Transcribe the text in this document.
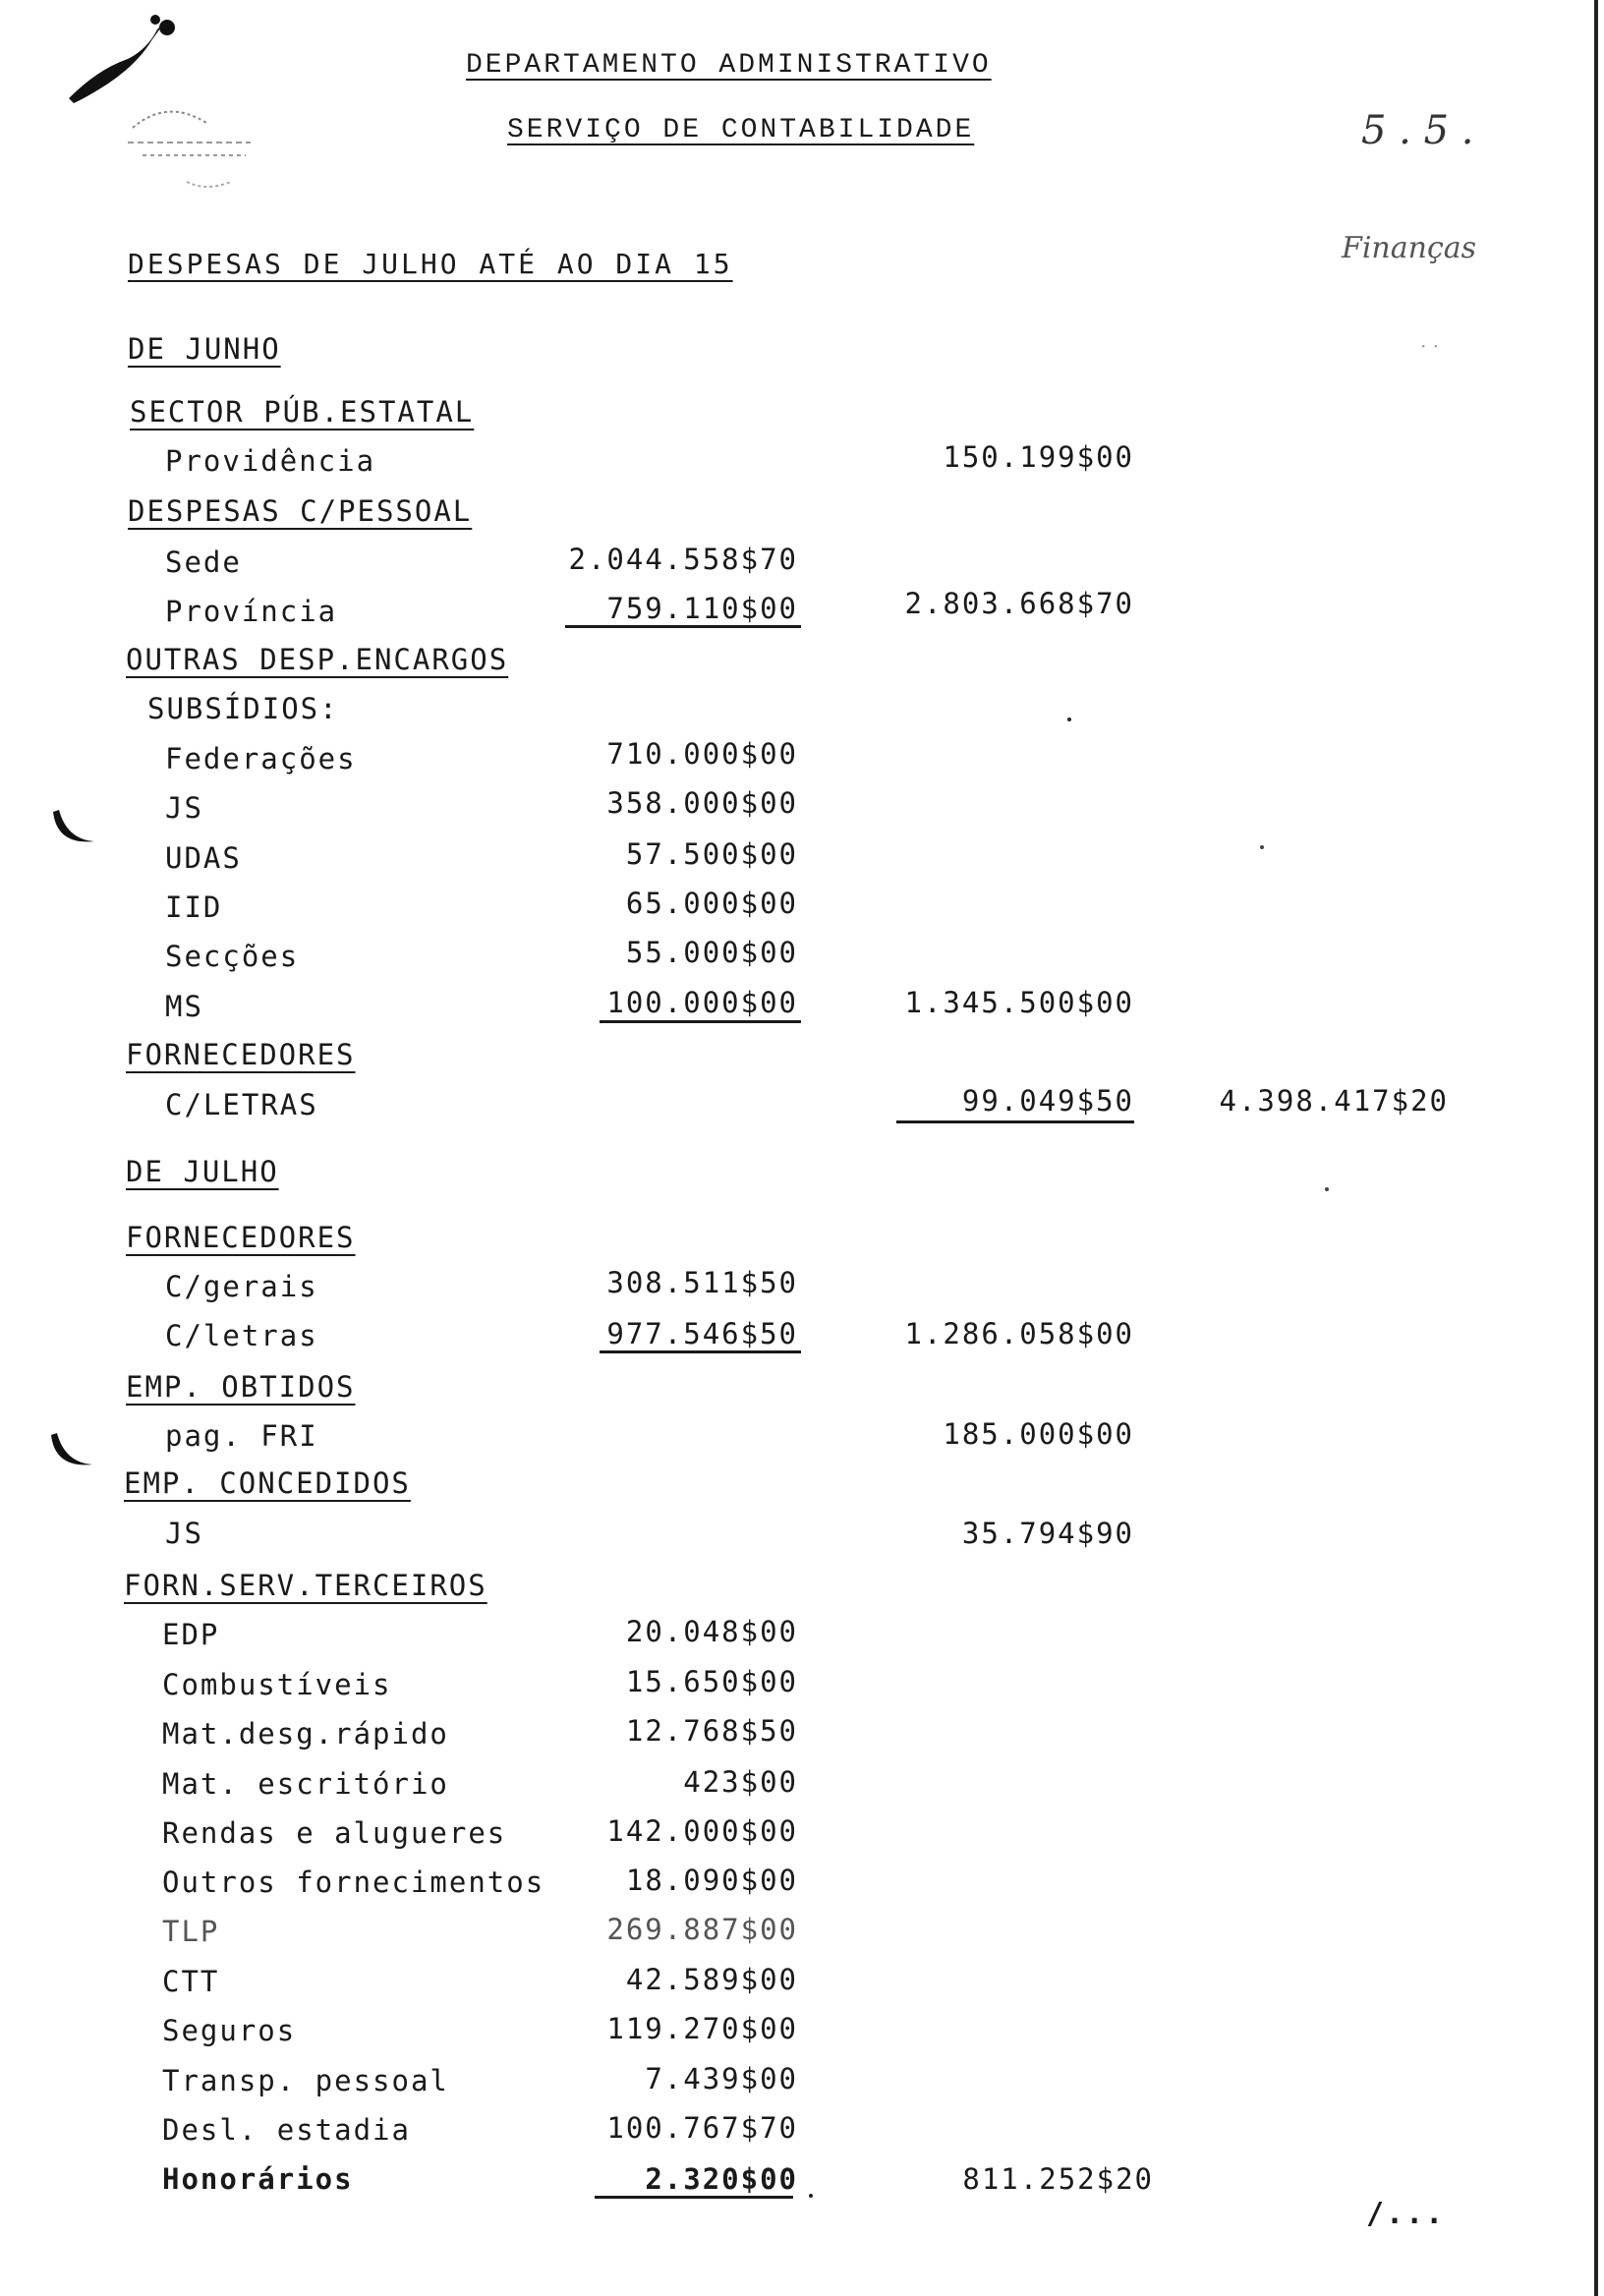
DEPARTAMENTO ADMINISTRATIVO
SERVIÇO DE CONTABILIDADE	5 . 5 .
Finanças
· ·
DESPESAS DE JULHO ATÉ AO DIA 15
DE JUNHO
SECTOR PÚB.ESTATAL
Providência	150.199$00
DESPESAS C/PESSOAL
Sede	2.044.558$70
Província	759.110$00	2.803.668$70
OUTRAS DESP.ENCARGOS
SUBSÍDIOS:
Federações	710.000$00
JS	358.000$00
UDAS	57.500$00
IID	65.000$00
Secções	55.000$00
MS	100.000$00	1.345.500$00
FORNECEDORES
C/LETRAS	99.049$50	4.398.417$20
DE JULHO
FORNECEDORES
C/gerais	308.511$50
C/letras	977.546$50	1.286.058$00
EMP. OBTIDOS
pag. FRI	185.000$00
EMP. CONCEDIDOS
JS	35.794$90
FORN.SERV.TERCEIROS
EDP	20.048$00
Combustíveis	15.650$00
Mat.desg.rápido	12.768$50
Mat. escritório	423$00
Rendas e alugueres	142.000$00
Outros fornecimentos	18.090$00
TLP	269.887$00
CTT	42.589$00
Seguros	119.270$00
Transp. pessoal	7.439$00
Desl. estadia	100.767$70
Honorários	2.320$00	811.252$20
/...
